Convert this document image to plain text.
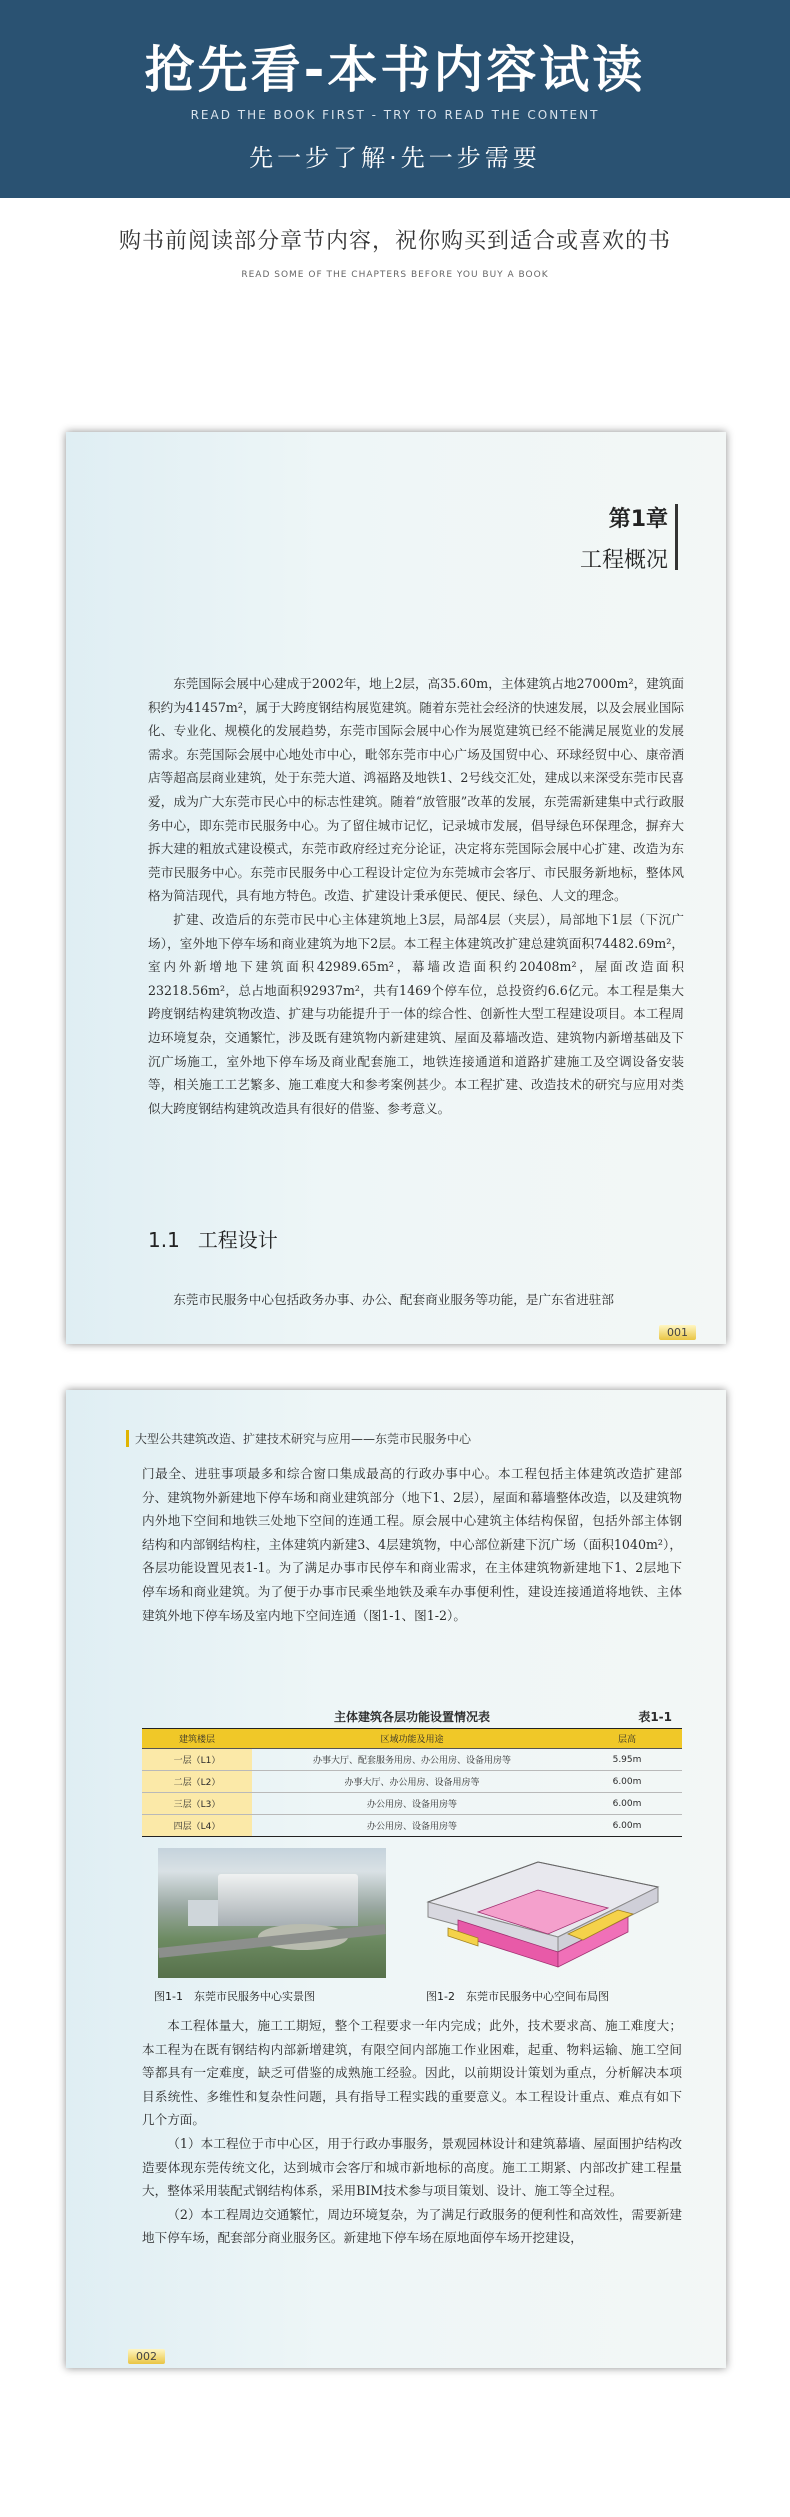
抢先看-本书内容试读
READ THE BOOK FIRST - TRY TO READ THE CONTENT
先一步了解·先一步需要
购书前阅读部分章节内容，祝你购买到适合或喜欢的书
READ SOME OF THE CHAPTERS BEFORE YOU BUY A BOOK
第1章
工程概况

东莞国际会展中心建成于2002年，地上2层，高35.60m，主体建筑占地27000m²，建筑面积约为41457m²，属于大跨度钢结构展览建筑。随着东莞社会经济的快速发展，以及会展业国际化、专业化、规模化的发展趋势，东莞市国际会展中心作为展览建筑已经不能满足展览业的发展需求。东莞国际会展中心地处市中心，毗邻东莞市中心广场及国贸中心、环球经贸中心、康帝酒店等超高层商业建筑，处于东莞大道、鸿福路及地铁1、2号线交汇处，建成以来深受东莞市民喜爱，成为广大东莞市民心中的标志性建筑。随着“放管服”改革的发展，东莞需新建集中式行政服务中心，即东莞市民服务中心。为了留住城市记忆，记录城市发展，倡导绿色环保理念，摒弃大拆大建的粗放式建设模式，东莞市政府经过充分论证，决定将东莞国际会展中心扩建、改造为东莞市民服务中心。东莞市民服务中心工程设计定位为东莞城市会客厅、市民服务新地标，整体风格为简洁现代，具有地方特色。改造、扩建设计秉承便民、便民、绿色、人文的理念。

扩建、改造后的东莞市民中心主体建筑地上3层，局部4层（夹层），局部地下1层（下沉广场），室外地下停车场和商业建筑为地下2层。本工程主体建筑改扩建总建筑面积74482.69m²，室内外新增地下建筑面积42989.65m²，幕墙改造面积约20408m²，屋面改造面积23218.56m²，总占地面积92937m²，共有1469个停车位，总投资约6.6亿元。本工程是集大跨度钢结构建筑物改造、扩建与功能提升于一体的综合性、创新性大型工程建设项目。本工程周边环境复杂，交通繁忙，涉及既有建筑物内新建建筑、屋面及幕墙改造、建筑物内新增基础及下沉广场施工，室外地下停车场及商业配套施工，地铁连接通道和道路扩建施工及空调设备安装等，相关施工工艺繁多、施工难度大和参考案例甚少。本工程扩建、改造技术的研究与应用对类似大跨度钢结构建筑改造具有很好的借鉴、参考意义。

1.1 工程设计

东莞市民服务中心包括政务办事、办公、配套商业服务等功能，是广东省进驻部

001
大型公共建筑改造、扩建技术研究与应用——东莞市民服务中心

门最全、进驻事项最多和综合窗口集成最高的行政办事中心。本工程包括主体建筑改造扩建部分、建筑物外新建地下停车场和商业建筑部分（地下1、2层），屋面和幕墙整体改造，以及建筑物内外地下空间和地铁三处地下空间的连通工程。原会展中心建筑主体结构保留，包括外部主体钢结构和内部钢结构柱，主体建筑内新建3、4层建筑物，中心部位新建下沉广场（面积1040m²），各层功能设置见表1-1。为了满足办事市民停车和商业需求，在主体建筑物新建地下1、2层地下停车场和商业建筑。为了便于办事市民乘坐地铁及乘车办事便利性，建设连接通道将地铁、主体建筑外地下停车场及室内地下空间连通（图1-1、图1-2）。

主体建筑各层功能设置情况表	表1-1
建筑楼层	区域功能及用途	层高
一层（L1）	办事大厅、配套服务用房、办公用房、设备用房等	5.95m
二层（L2）	办事大厅、办公用房、设备用房等	6.00m
三层（L3）	办公用房、设备用房等	6.00m
四层（L4）	办公用房、设备用房等	6.00m
图1-1　东莞市民服务中心实景图	图1-2　东莞市民服务中心空间布局图

本工程体量大，施工工期短，整个工程要求一年内完成；此外，技术要求高、施工难度大；本工程为在既有钢结构内部新增建筑，有限空间内部施工作业困难，起重、物料运输、施工空间等都具有一定难度，缺乏可借鉴的成熟施工经验。因此，以前期设计策划为重点，分析解决本项目系统性、多维性和复杂性问题，具有指导工程实践的重要意义。本工程设计重点、难点有如下几个方面。

（1）本工程位于市中心区，用于行政办事服务，景观园林设计和建筑幕墙、屋面围护结构改造要体现东莞传统文化，达到城市会客厅和城市新地标的高度。施工工期紧、内部改扩建工程量大，整体采用装配式钢结构体系，采用BIM技术参与项目策划、设计、施工等全过程。

（2）本工程周边交通繁忙，周边环境复杂，为了满足行政服务的便利性和高效性，需要新建地下停车场，配套部分商业服务区。新建地下停车场在原地面停车场开挖建设，

002
